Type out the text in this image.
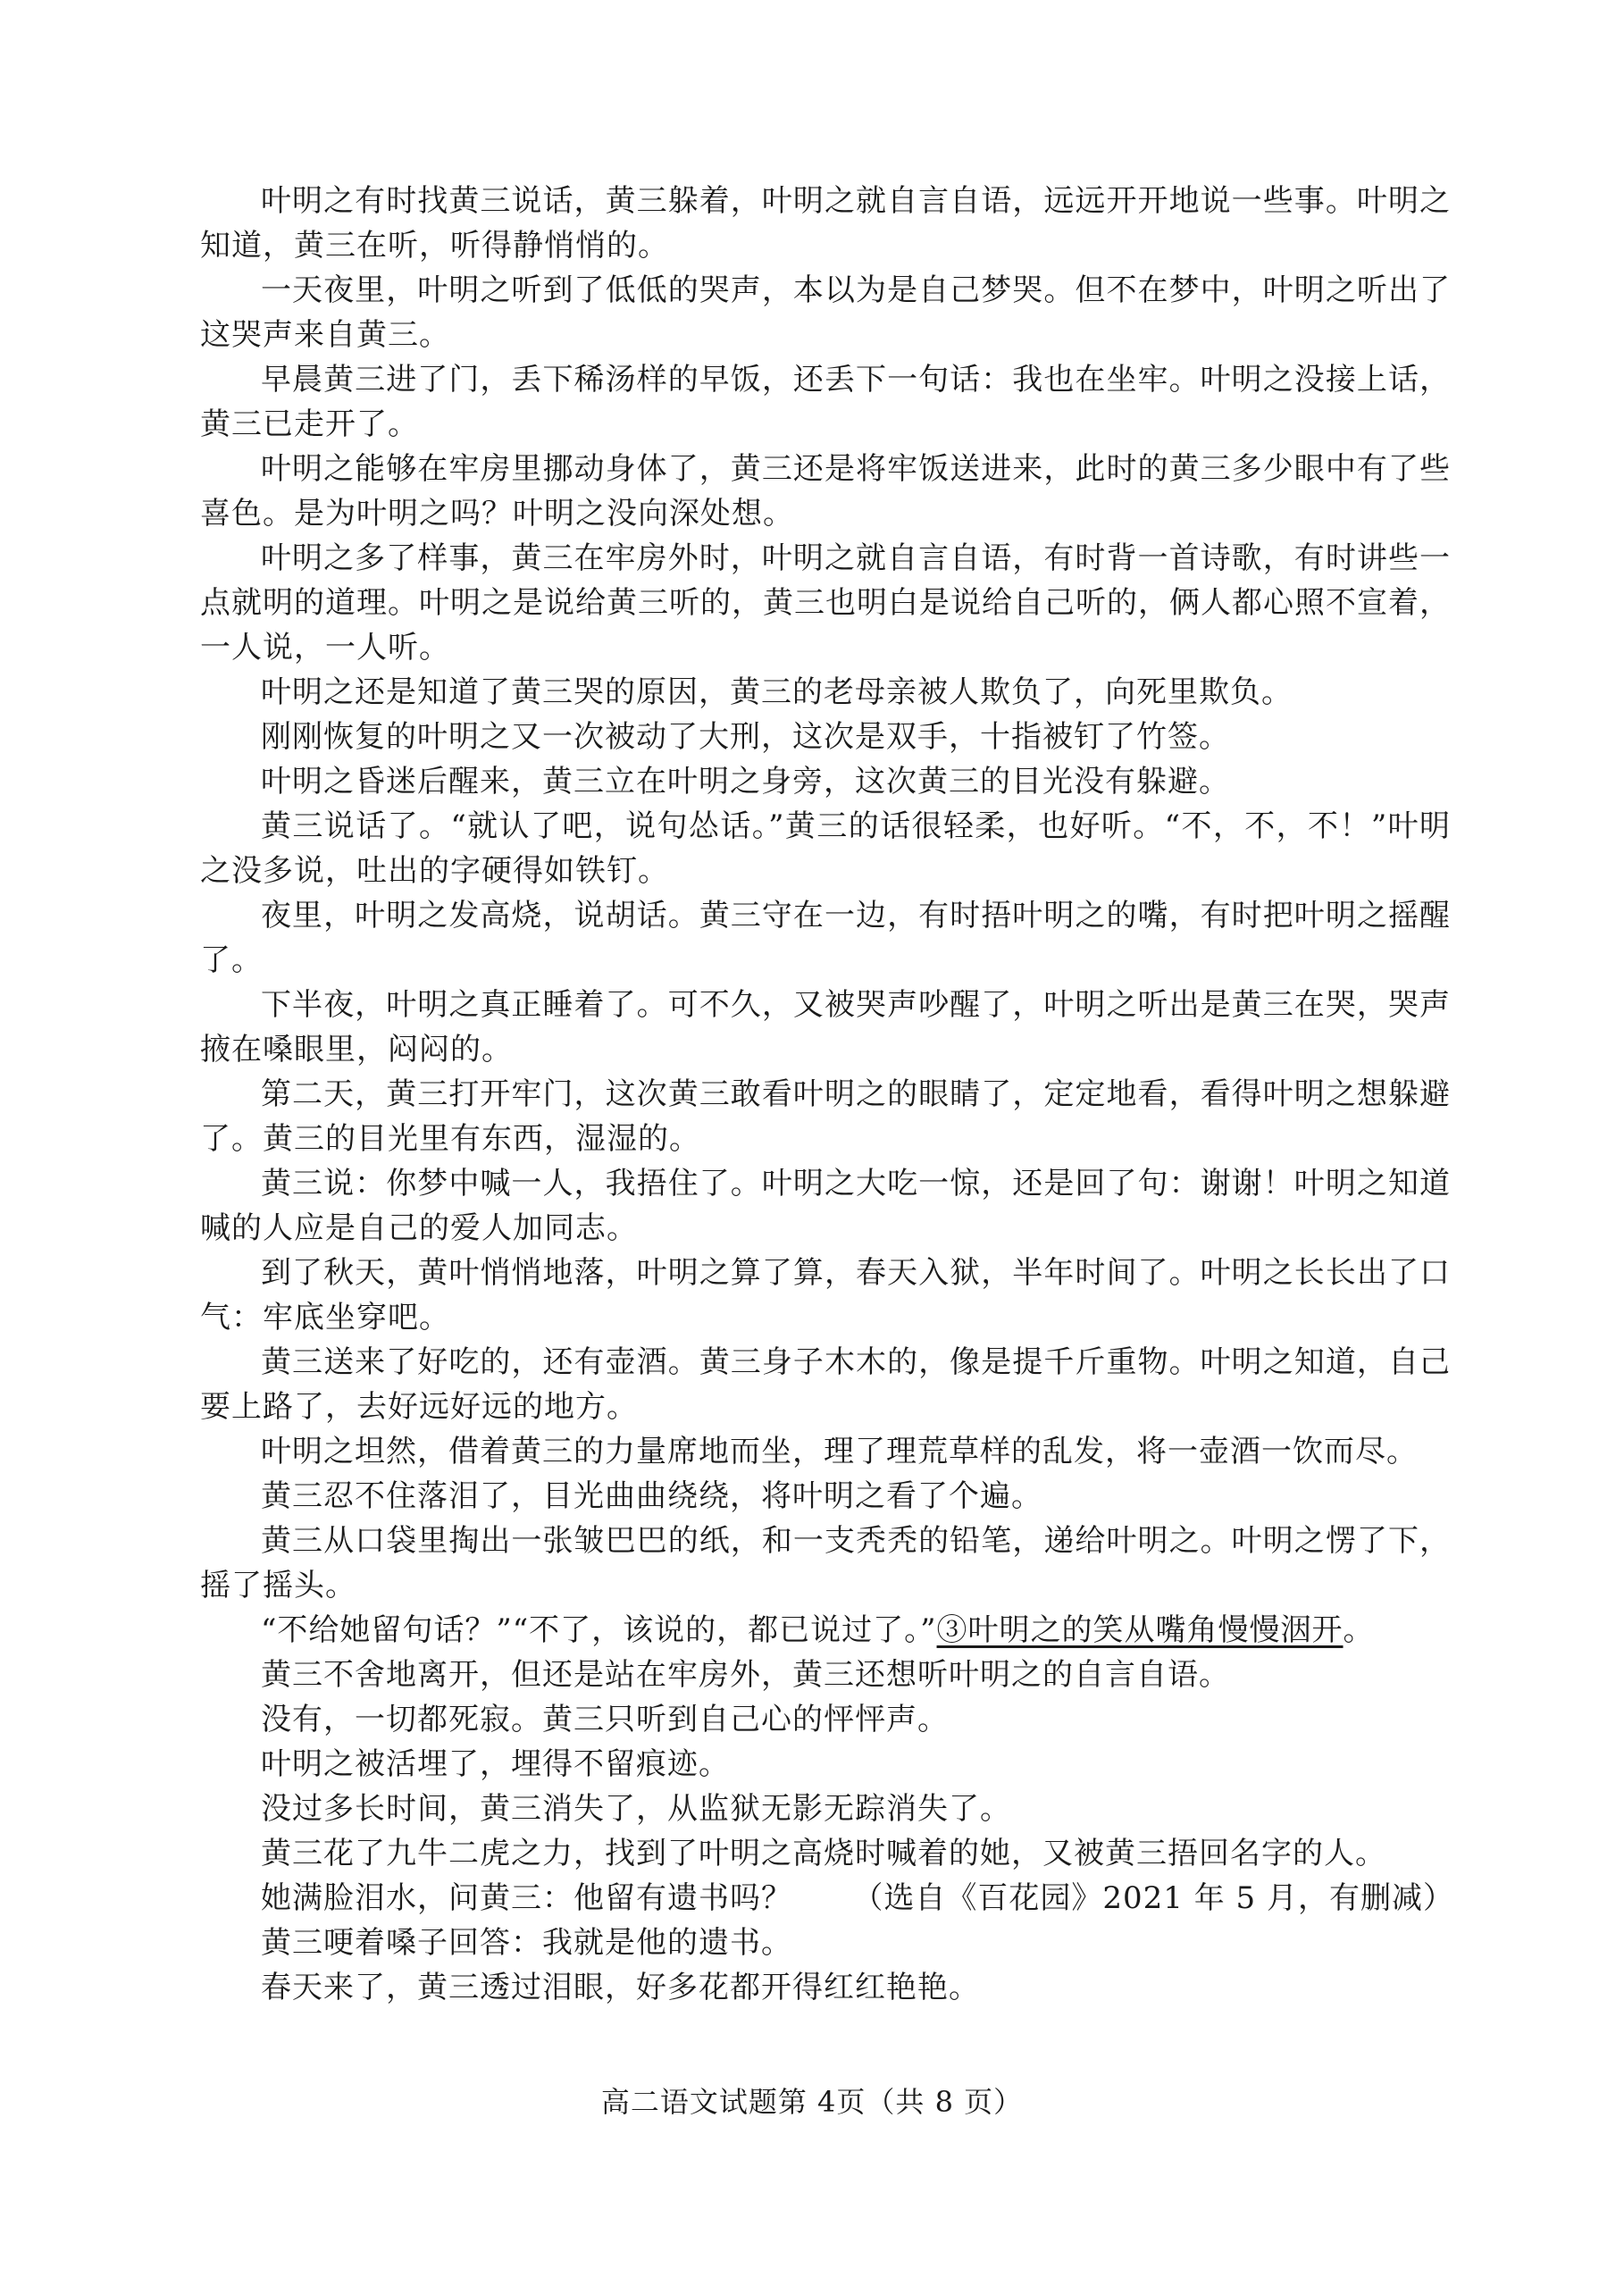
叶明之有时找黄三说话，黄三躲着，叶明之就自言自语，远远开开地说一些事。叶明之知道，黄三在听，听得静悄悄的。

一天夜里，叶明之听到了低低的哭声，本以为是自己梦哭。但不在梦中，叶明之听出了这哭声来自黄三。

早晨黄三进了门，丢下稀汤样的早饭，还丢下一句话：我也在坐牢。叶明之没接上话，黄三已走开了。

叶明之能够在牢房里挪动身体了，黄三还是将牢饭送进来，此时的黄三多少眼中有了些喜色。是为叶明之吗？叶明之没向深处想。

叶明之多了样事，黄三在牢房外时，叶明之就自言自语，有时背一首诗歌，有时讲些一点就明的道理。叶明之是说给黄三听的，黄三也明白是说给自己听的，俩人都心照不宣着，一人说，一人听。

叶明之还是知道了黄三哭的原因，黄三的老母亲被人欺负了，向死里欺负。

刚刚恢复的叶明之又一次被动了大刑，这次是双手，十指被钉了竹签。

叶明之昏迷后醒来，黄三立在叶明之身旁，这次黄三的目光没有躲避。

黄三说话了。“就认了吧，说句怂话。”黄三的话很轻柔，也好听。“不，不，不！”叶明之没多说，吐出的字硬得如铁钉。

夜里，叶明之发高烧，说胡话。黄三守在一边，有时捂叶明之的嘴，有时把叶明之摇醒了。

下半夜，叶明之真正睡着了。可不久，又被哭声吵醒了，叶明之听出是黄三在哭，哭声掖在嗓眼里，闷闷的。

第二天，黄三打开牢门，这次黄三敢看叶明之的眼睛了，定定地看，看得叶明之想躲避了。黄三的目光里有东西，湿湿的。

黄三说：你梦中喊一人，我捂住了。叶明之大吃一惊，还是回了句：谢谢！叶明之知道喊的人应是自己的爱人加同志。

到了秋天，黄叶悄悄地落，叶明之算了算，春天入狱，半年时间了。叶明之长长出了口气：牢底坐穿吧。

黄三送来了好吃的，还有壶酒。黄三身子木木的，像是提千斤重物。叶明之知道，自己要上路了，去好远好远的地方。

叶明之坦然，借着黄三的力量席地而坐，理了理荒草样的乱发，将一壶酒一饮而尽。

黄三忍不住落泪了，目光曲曲绕绕，将叶明之看了个遍。

黄三从口袋里掏出一张皱巴巴的纸，和一支秃秃的铅笔，递给叶明之。叶明之愣了下，摇了摇头。

“不给她留句话？”“不了，该说的，都已说过了。”③叶明之的笑从嘴角慢慢洇开。

黄三不舍地离开，但还是站在牢房外，黄三还想听叶明之的自言自语。

没有，一切都死寂。黄三只听到自己心的怦怦声。

叶明之被活埋了，埋得不留痕迹。

没过多长时间，黄三消失了，从监狱无影无踪消失了。

黄三花了九牛二虎之力，找到了叶明之高烧时喊着的她，又被黄三捂回名字的人。

她满脸泪水，问黄三：他留有遗书吗？

黄三哽着嗓子回答：我就是他的遗书。

春天来了，黄三透过泪眼，好多花都开得红红艳艳。

（选自《百花园》2021 年 5 月，有删减）
高二语文试题第 4页（共 8 页）
